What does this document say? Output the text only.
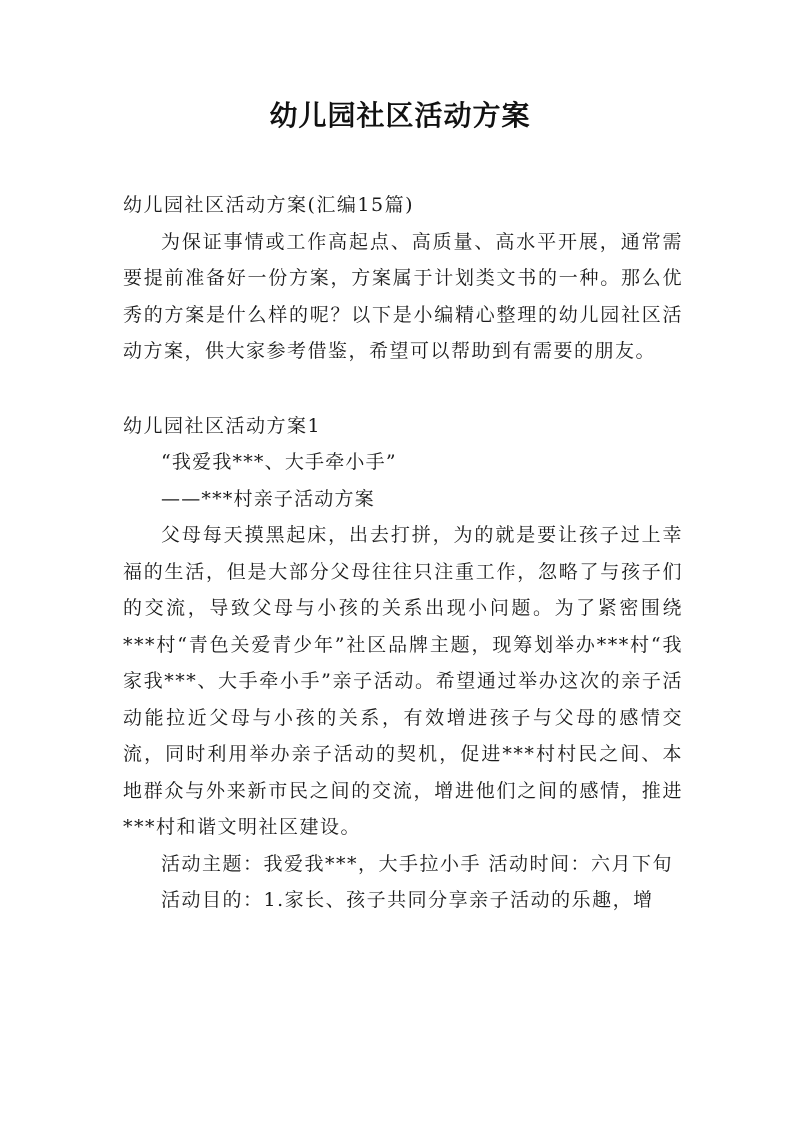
幼儿园社区活动方案

幼儿园社区活动方案(汇编15篇)

为保证事情或工作高起点、高质量、高水平开展，通常需要提前准备好一份方案，方案属于计划类文书的一种。那么优秀的方案是什么样的呢？以下是小编精心整理的幼儿园社区活动方案，供大家参考借鉴，希望可以帮助到有需要的朋友。

幼儿园社区活动方案1

“我爱我***、大手牵小手”

——***村亲子活动方案

父母每天摸黑起床，出去打拼，为的就是要让孩子过上幸福的生活，但是大部分父母往往只注重工作，忽略了与孩子们的交流，导致父母与小孩的关系出现小问题。为了紧密围绕***村“青色关爱青少年”社区品牌主题，现筹划举办***村“我家我***、大手牵小手”亲子活动。希望通过举办这次的亲子活动能拉近父母与小孩的关系，有效增进孩子与父母的感情交流，同时利用举办亲子活动的契机，促进***村村民之间、本地群众与外来新市民之间的交流，增进他们之间的感情，推进***村和谐文明社区建设。

活动主题：我爱我***，大手拉小手 活动时间：六月下旬

活动目的：1.家长、孩子共同分享亲子活动的乐趣，增
